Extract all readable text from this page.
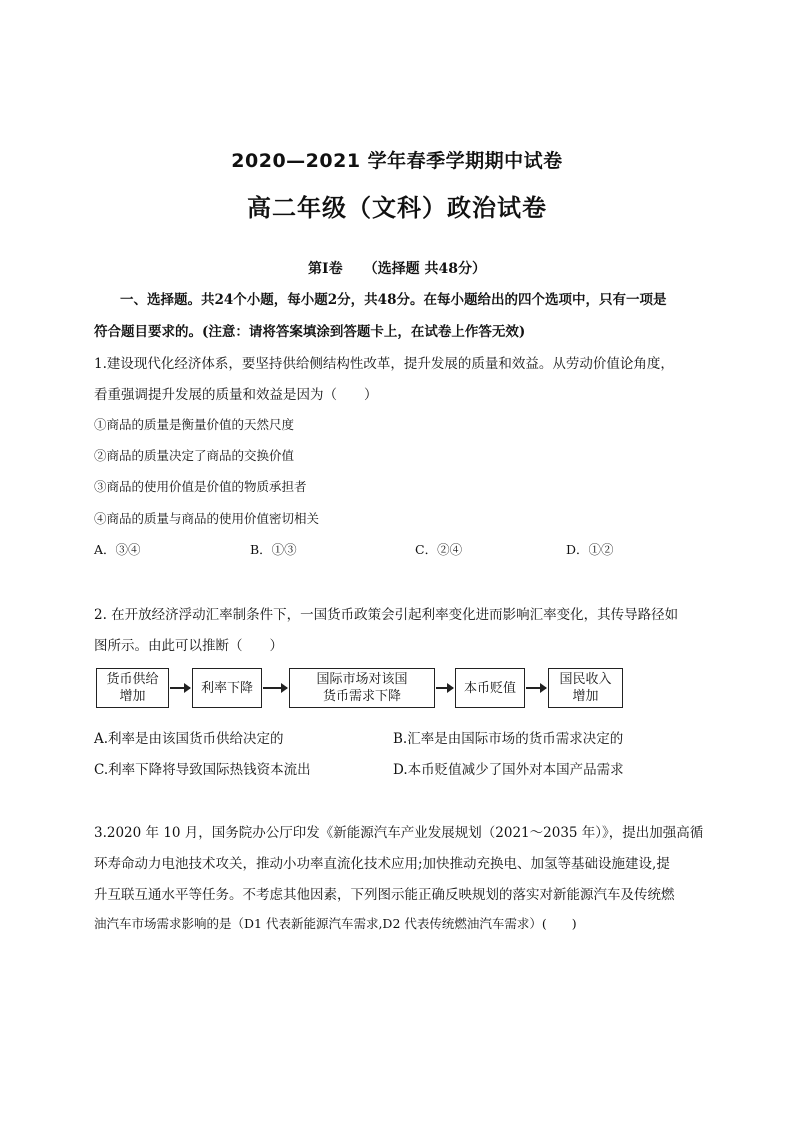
2020—2021 学年春季学期期中试卷
高二年级（文科）政治试卷
第Ⅰ卷　　（选择题 共48分）
一、选择题。共24个小题，每小题2分，共48分。在每小题给出的四个选项中，只有一项是
符合题目要求的。(注意：请将答案填涂到答题卡上，在试卷上作答无效)
1.建设现代化经济体系，要坚持供给侧结构性改革，提升发展的质量和效益。从劳动价值论角度，
看重强调提升发展的质量和效益是因为（　　）
①商品的质量是衡量价值的天然尺度
②商品的质量决定了商品的交换价值
③商品的使用价值是价值的物质承担者
④商品的质量与商品的使用价值密切相关
A．③④	B．①③	C．②④	D．①②
2. 在开放经济浮动汇率制条件下，一国货币政策会引起利率变化进而影响汇率变化，其传导路径如
图所示。由此可以推断（　　）
货币供给
增加
利率下降
国际市场对该国
货币需求下降
本币贬值
国民收入
增加
A.利率是由该国货币供给决定的	B.汇率是由国际市场的货币需求决定的
C.利率下降将导致国际热钱资本流出	D.本币贬值减少了国外对本国产品需求
3.2020 年 10 月，国务院办公厅印发《新能源汽车产业发展规划（2021～2035 年）》，提出加强高循
环寿命动力电池技术攻关，推动小功率直流化技术应用;加快推动充换电、加氢等基础设施建设,提
升互联互通水平等任务。不考虑其他因素，下列图示能正确反映规划的落实对新能源汽车及传统燃
油汽车市场需求影响的是（D1 代表新能源汽车需求,D2 代表传统燃油汽车需求）(　　)
